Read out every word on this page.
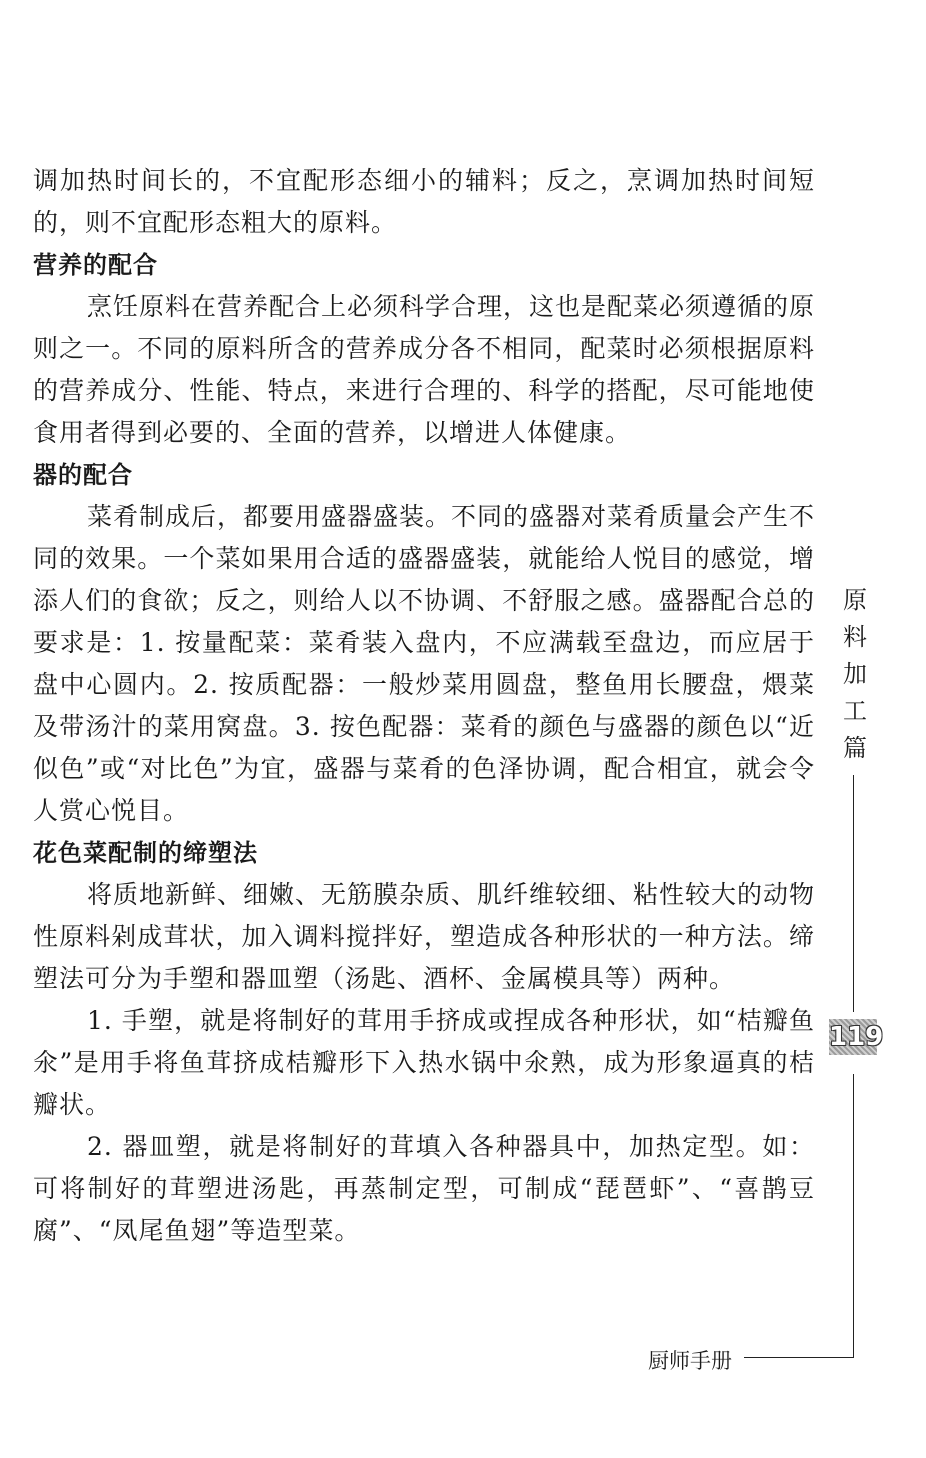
调加热时间长的，不宜配形态细小的辅料；反之，烹调加热时间短的，则不宜配形态粗大的原料。

营养的配合

烹饪原料在营养配合上必须科学合理，这也是配菜必须遵循的原则之一。不同的原料所含的营养成分各不相同，配菜时必须根据原料的营养成分、性能、特点，来进行合理的、科学的搭配，尽可能地使食用者得到必要的、全面的营养，以增进人体健康。

器的配合

菜肴制成后，都要用盛器盛装。不同的盛器对菜肴质量会产生不同的效果。一个菜如果用合适的盛器盛装，就能给人悦目的感觉，增添人们的食欲；反之，则给人以不协调、不舒服之感。盛器配合总的要求是：1. 按量配菜：菜肴装入盘内，不应满载至盘边，而应居于盘中心圆内。2. 按质配器：一般炒菜用圆盘，整鱼用长腰盘，煨菜及带汤汁的菜用窝盘。3. 按色配器：菜肴的颜色与盛器的颜色以“近似色”或“对比色”为宜，盛器与菜肴的色泽协调，配合相宜，就会令人赏心悦目。

花色菜配制的缔塑法

将质地新鲜、细嫩、无筋膜杂质、肌纤维较细、粘性较大的动物性原料剁成茸状，加入调料搅拌好，塑造成各种形状的一种方法。缔塑法可分为手塑和器皿塑（汤匙、酒杯、金属模具等）两种。

1. 手塑，就是将制好的茸用手挤成或捏成各种形状，如“桔瓣鱼氽”是用手将鱼茸挤成桔瓣形下入热水锅中氽熟，成为形象逼真的桔瓣状。

2. 器皿塑，就是将制好的茸填入各种器具中，加热定型。如：可将制好的茸塑进汤匙，再蒸制定型，可制成“琵琶虾”、“喜鹊豆腐”、“凤尾鱼翅”等造型菜。

原
料
加
工
篇
119
厨师手册
